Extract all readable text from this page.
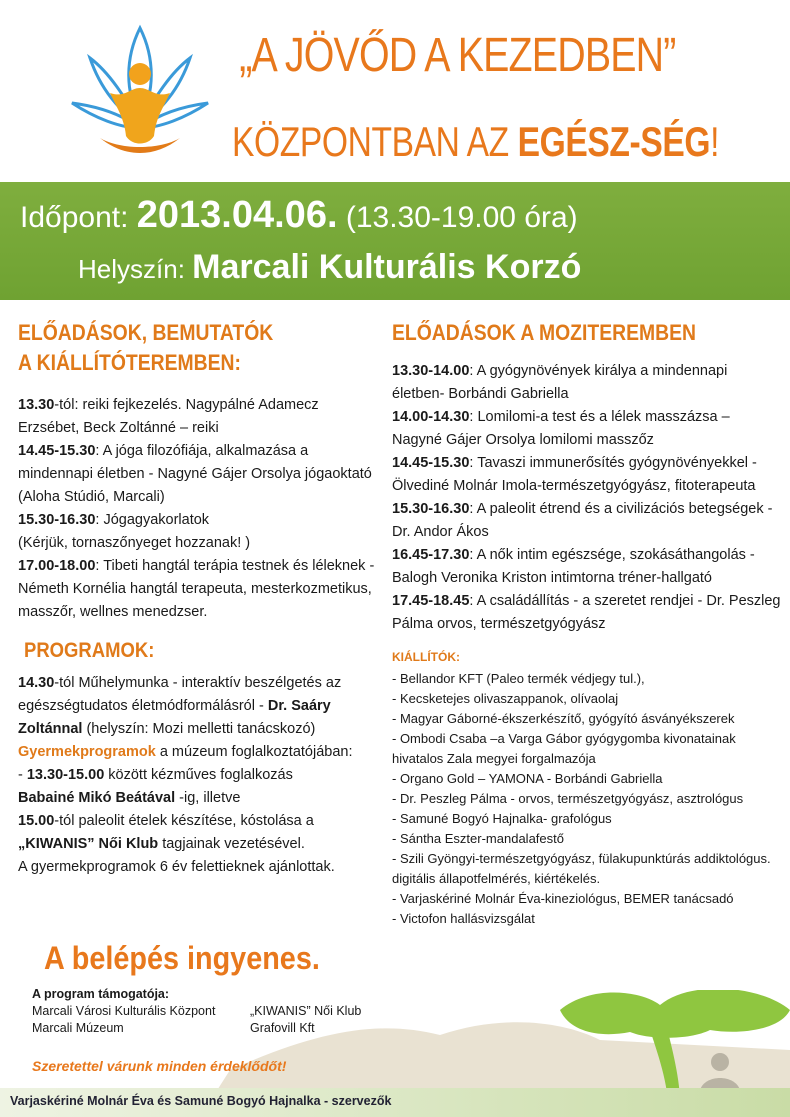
„A JÖVŐD A KEZEDBEN”
KÖZPONTBAN AZ EGÉSZ-SÉG!
Időpont: 2013.04.06. (13.30-19.00 óra)
Helyszín: Marcali Kulturális Korzó
ELŐADÁSOK, BEMUTATÓK
A KIÁLLÍTÓTEREMBEN:
13.30-tól: reiki fejkezelés. Nagypálné Adamecz Erzsébet, Beck Zoltánné – reiki
14.45-15.30: A jóga filozófiája, alkalmazása a mindennapi életben - Nagyné Gájer Orsolya jógaoktató (Aloha Stúdió, Marcali)
15.30-16.30: Jógagyakorlatok
(Kérjük, tornaszőnyeget hozzanak! )
17.00-18.00: Tibeti hangtál terápia testnek és léleknek - Németh Kornélia hangtál terapeuta, mesterkozmetikus, masszőr, wellnes menedzser.
PROGRAMOK:
14.30-tól Műhelymunka - interaktív beszélgetés az egészségtudatos életmódformálásról - Dr. Saáry Zoltánnal (helyszín: Mozi melletti tanácskozó)
Gyermekprogramok a múzeum foglalkoztatójában:
- 13.30-15.00 között kézműves foglalkozás
Babainé Mikó Beátával -ig, illetve
15.00-tól paleolit ételek készítése, kóstolása a
„KIWANIS” Női Klub tagjainak vezetésével.
A gyermekprogramok 6 év felettieknek ajánlottak.
ELŐADÁSOK A MOZITEREMBEN
13.30-14.00: A gyógynövények királya a mindennapi életben- Borbándi Gabriella
14.00-14.30: Lomilomi-a test és a lélek masszázsa – Nagyné Gájer Orsolya lomilomi masszőz
14.45-15.30: Tavaszi immunerősítés gyógynövényekkel - Ölvediné Molnár Imola-természetgyógyász, fitoterapeuta
15.30-16.30: A paleolit étrend és a civilizációs betegségek - Dr. Andor Ákos
16.45-17.30: A nők intim egészsége, szokásáthangolás - Balogh Veronika Kriston intimtorna tréner-hallgató
17.45-18.45: A családállítás - a szeretet rendjei - Dr. Peszleg Pálma orvos, természetgyógyász
KIÁLLÍTÓK:
- Bellandor KFT (Paleo termék védjegy tul.),
- Kecsketejes olivaszappanok, olívaolaj
- Magyar Gáborné-ékszerkészítő, gyógyító ásványékszerek
- Ombodi Csaba –a Varga Gábor gyógygomba kivonatainak hivatalos Zala megyei forgalmazója
- Organo Gold – YAMONA - Borbándi Gabriella
- Dr. Peszleg Pálma - orvos, természetgyógyász, asztrológus
- Samuné Bogyó Hajnalka- grafológus
- Sántha Eszter-mandalafestő
- Szili Gyöngyi-természetgyógyász, fülakupunktúrás addiktológus. digitális állapotfelmérés, kiértékelés.
- Varjaskériné Molnár Éva-kineziológus, BEMER tanácsadó
- Victofon hallásvizsgálat
A belépés ingyenes.
A program támogatója:
Marcali Városi Kulturális Központ
Marcali Múzeum
„KIWANIS” Női Klub
Grafovill Kft
Szeretettel várunk minden érdeklődőt!
Varjaskériné Molnár Éva és Samuné Bogyó Hajnalka - szervezők
